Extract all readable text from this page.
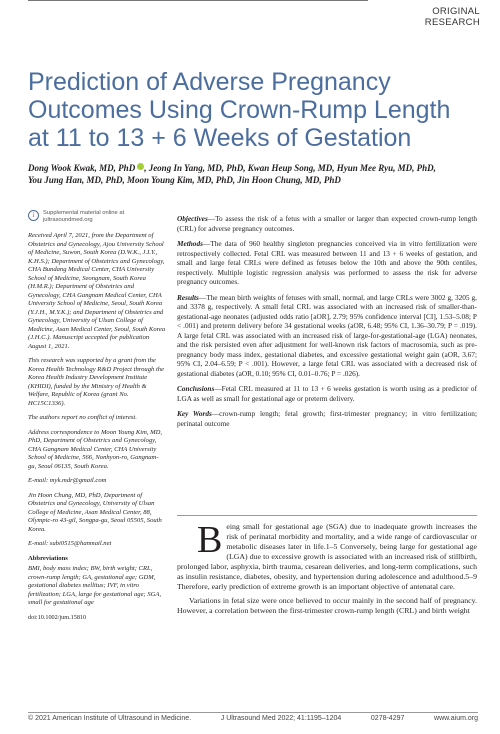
ORIGINAL RESEARCH
Prediction of Adverse Pregnancy Outcomes Using Crown-Rump Length at 11 to 13 + 6 Weeks of Gestation
Dong Wook Kwak, MD, PhD , Jeong In Yang, MD, PhD, Kwan Heup Song, MD, Hyun Mee Ryu, MD, PhD,
You Jung Han, MD, PhD, Moon Young Kim, MD, PhD, Jin Hoon Chung, MD, PhD
i	Supplemental material online at jultrasoundmed.org

Received April 7, 2021, from the Department of Obstetrics and Gynecology, Ajou University School of Medicine, Suwon, South Korea (D.W.K., J.I.Y., K.H.S.); Department of Obstetrics and Gynecology, CHA Bundang Medical Center, CHA University School of Medicine, Seongnam, South Korea (H.M.R.); Department of Obstetrics and Gynecology, CHA Gangnam Medical Center, CHA University School of Medicine, Seoul, South Korea (Y.J.H., M.Y.K.); and Department of Obstetrics and Gynecology, University of Ulsan College of Medicine, Asan Medical Center, Seoul, South Korea (J.H.C.). Manuscript accepted for publication August 1, 2021.

This research was supported by a grant from the Korea Health Technology R&D Project through the Korea Health Industry Development Institute (KHIDI), funded by the Ministry of Health & Welfare, Republic of Korea (grant No. HC15C1336).

The authors report no conflict of interest.

Address correspondence to Moon Young Kim, MD, PhD, Department of Obstetrics and Gynecology, CHA Gangnam Medical Center, CHA University School of Medicine, 566, Nonhyon-ro, Gangnam-gu, Seoul 06135, South Korea.

E-mail: myk.mdr@gmail.com

Jin Hoon Chung, MD, PhD, Department of Obstetrics and Gynecology, University of Ulsan College of Medicine, Asan Medical Center, 88, Olympic-ro 43-gil, Songpa-gu, Seoul 05505, South Korea.

E-mail: subi0515@hanmail.net

Abbreviations

BMI, body mass index; BW, birth weight; CRL, crown-rump length; GA, gestational age; GDM, gestational diabetes mellitus; IVF, in vitro fertilization; LGA, large for gestational age; SGA, small for gestational age

doi:10.1002/jum.15810

Objectives—To assess the risk of a fetus with a smaller or larger than expected crown-rump length (CRL) for adverse pregnancy outcomes.

Methods—The data of 960 healthy singleton pregnancies conceived via in vitro fertilization were retrospectively collected. Fetal CRL was measured between 11 and 13 + 6 weeks of gestation, and small and large fetal CRLs were defined as fetuses below the 10th and above the 90th centiles, respectively. Multiple logistic regression analysis was performed to assess the risk for adverse pregnancy outcomes.

Results—The mean birth weights of fetuses with small, normal, and large CRLs were 3002 g, 3205 g, and 3378 g, respectively. A small fetal CRL was associated with an increased risk of smaller-than-gestational-age neonates (adjusted odds ratio [aOR], 2.79; 95% confidence interval [CI], 1.53–5.08; P < .001) and preterm delivery before 34 gestational weeks (aOR, 6.48; 95% CI, 1.36–30.79; P = .019). A large fetal CRL was associated with an increased risk of large-for-gestational-age (LGA) neonates, and the risk persisted even after adjustment for well-known risk factors of macrosomia, such as pre-pregnancy body mass index, gestational diabetes, and excessive gestational weight gain (aOR, 3.67; 95% CI, 2.04–6.59; P < .001). However, a large fetal CRL was associated with a decreased risk of gestational diabetes (aOR, 0.10; 95% CI, 0.01–0.76; P = .026).

Conclusions—Fetal CRL measured at 11 to 13 + 6 weeks gestation is worth using as a predictor of LGA as well as small for gestational age or preterm delivery.

Key Words—crown-rump length; fetal growth; first-trimester pregnancy; in vitro fertilization; perinatal outcome

Being small for gestational age (SGA) due to inadequate growth increases the risk of perinatal morbidity and mortality, and a wide range of cardiovascular or metabolic diseases later in life.1–5 Conversely, being large for gestational age (LGA) due to excessive growth is associated with an increased risk of stillbirth, prolonged labor, asphyxia, birth trauma, cesarean deliveries, and long-term complications, such as insulin resistance, diabetes, obesity, and hypertension during adolescence and adulthood.5–9 Therefore, early prediction of extreme growth is an important objective of antenatal care.

Variations in fetal size were once believed to occur mainly in the second half of pregnancy. However, a correlation between the first-trimester crown-rump length (CRL) and birth weight

© 2021 American Institute of Ultrasound in Medicine.	J Ultrasound Med 2022; 41:1195–1204	0278-4297	www.aium.org
